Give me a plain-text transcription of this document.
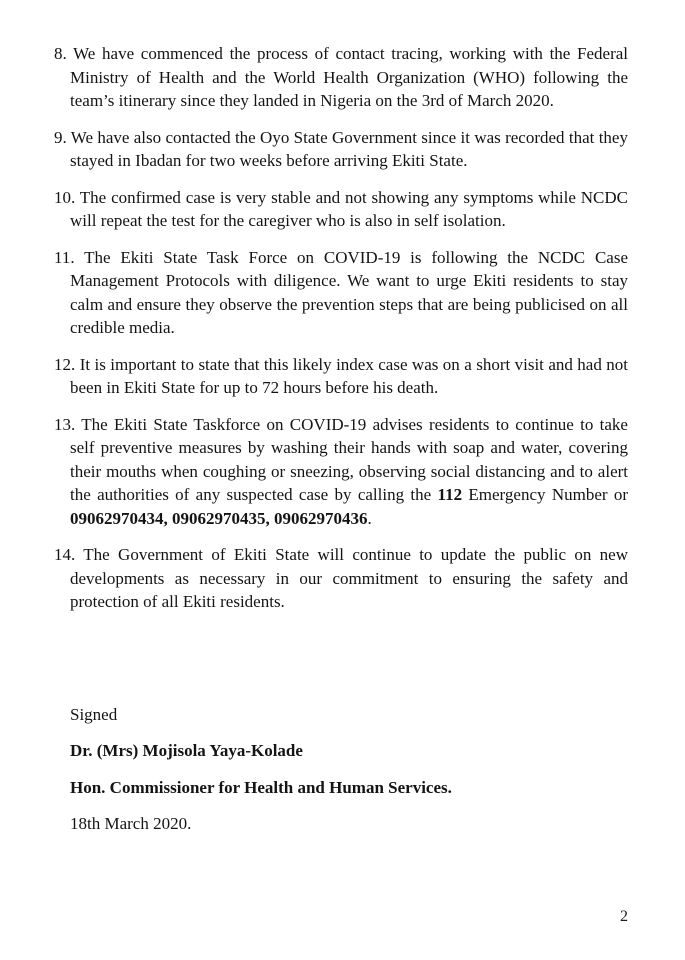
8. We have commenced the process of contact tracing, working with the Federal Ministry of Health and the World Health Organization (WHO) following the team’s itinerary since they landed in Nigeria on the 3rd of March 2020.
9. We have also contacted the Oyo State Government since it was recorded that they stayed in Ibadan for two weeks before arriving Ekiti State.
10. The confirmed case is very stable and not showing any symptoms while NCDC will repeat the test for the caregiver who is also in self isolation.
11. The Ekiti State Task Force on COVID-19 is following the NCDC Case Management Protocols with diligence. We want to urge Ekiti residents to stay calm and ensure they observe the prevention steps that are being publicised on all credible media.
12. It is important to state that this likely index case was on a short visit and had not been in Ekiti State for up to 72 hours before his death.
13. The Ekiti State Taskforce on COVID-19 advises residents to continue to take self preventive measures by washing their hands with soap and water, covering their mouths when coughing or sneezing, observing social distancing and to alert the authorities of any suspected case by calling the 112 Emergency Number or 09062970434, 09062970435, 09062970436.
14. The Government of Ekiti State will continue to update the public on new developments as necessary in our commitment to ensuring the safety and protection of all Ekiti residents.
Signed
Dr. (Mrs) Mojisola Yaya-Kolade
Hon. Commissioner for Health and Human Services.
18th March 2020.
2
